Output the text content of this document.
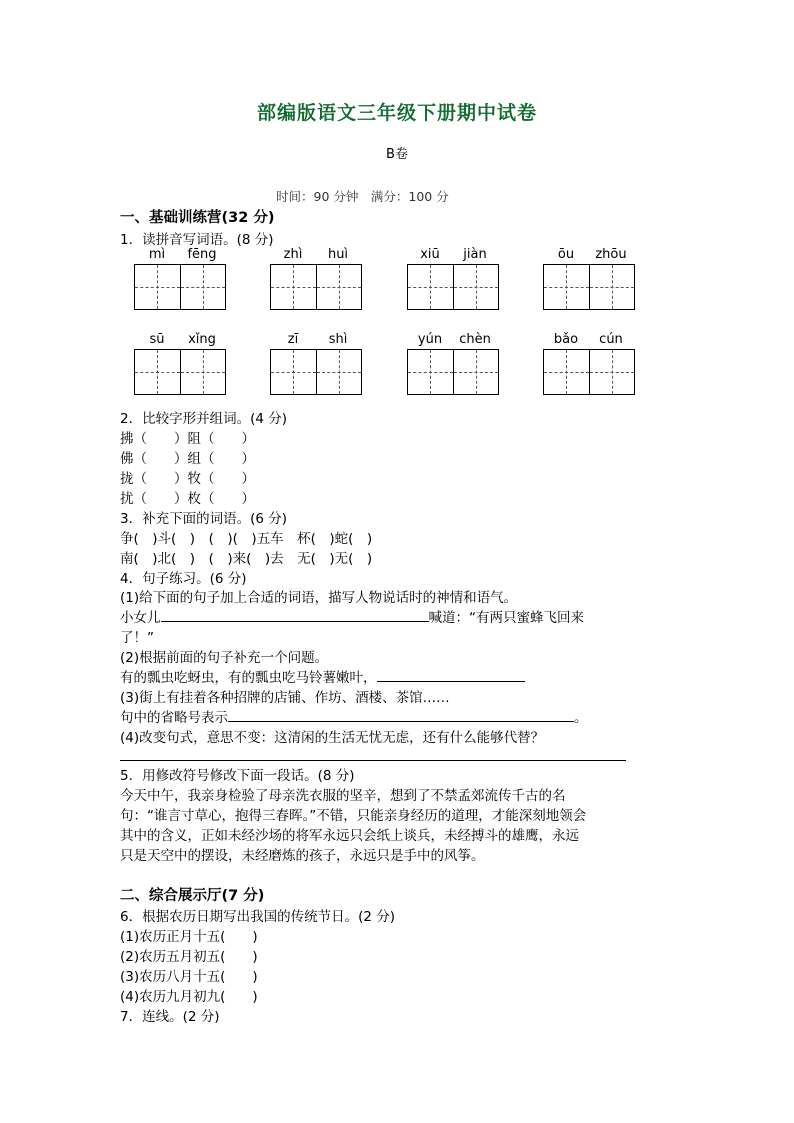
部编版语文三年级下册期中试卷
B卷
时间：90 分钟　满分：100 分
一、基础训练营(32 分)
1．读拼音写词语。(8 分)
mì	fēng	zhì	huì	xiū	jiàn	ōu	zhōu
sū	xǐng	zī	shì	yún	chèn	bǎo	cún
2．比较字形并组词。(4 分)
拂（　　）阻（　　）
佛（　　）组（　　）
拢（　　）牧（　　）
扰（　　）枚（　　）
3．补充下面的词语。(6 分)
争(　)斗(　)　(　)(　)五车　杯(　)蛇(　)
南(　)北(　)　(　)来(　)去　无(　)无(　)
4．句子练习。(6 分)
(1)给下面的句子加上合适的词语，描写人物说话时的神情和语气。
小女儿	喊道：“有两只蜜蜂飞回来
了！”
(2)根据前面的句子补充一个问题。
有的瓢虫吃蚜虫，有的瓢虫吃马铃薯嫩叶，
(3)街上有挂着各种招牌的店铺、作坊、酒楼、茶馆……
句中的省略号表示	。
(4)改变句式，意思不变：这清闲的生活无忧无虑，还有什么能够代替？
5．用修改符号修改下面一段话。(8 分)
今天中午，我亲身检验了母亲洗衣服的坚辛，想到了不禁孟郊流传千古的名
句：“谁言寸草心，抱得三春晖。”不错，只能亲身经历的道理，才能深刻地领会
其中的含义，正如未经沙场的将军永远只会纸上谈兵，未经搏斗的雄鹰，永远
只是天空中的摆设，未经磨炼的孩子，永远只是手中的风筝。
二、综合展示厅(7 分)
6．根据农历日期写出我国的传统节日。(2 分)
(1)农历正月十五(　　)
(2)农历五月初五(　　)
(3)农历八月十五(　　)
(4)农历九月初九(　　)
7．连线。(2 分)
